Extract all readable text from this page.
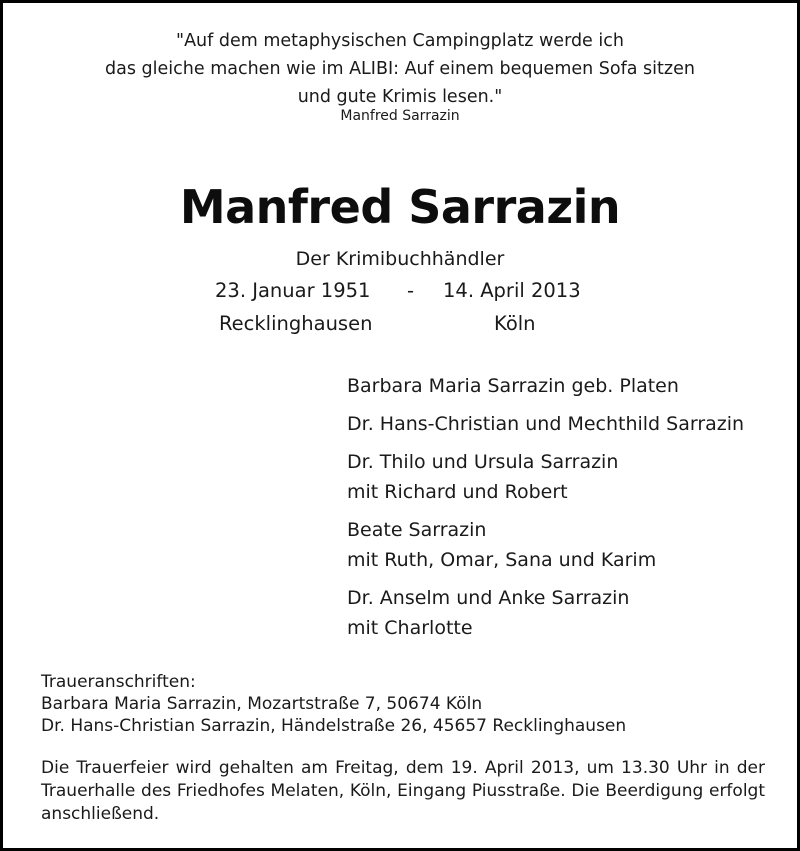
"Auf dem metaphysischen Campingplatz werde ich
das gleiche machen wie im ALIBI: Auf einem bequemen Sofa sitzen
und gute Krimis lesen."
Manfred Sarrazin
Manfred Sarrazin
Der Krimibuchhändler
23. Januar 1951 - 14. April 2013
Recklinghausen	Köln
Barbara Maria Sarrazin geb. Platen
Dr. Hans-Christian und Mechthild Sarrazin
Dr. Thilo und Ursula Sarrazin
mit Richard und Robert
Beate Sarrazin
mit Ruth, Omar, Sana und Karim
Dr. Anselm und Anke Sarrazin
mit Charlotte
Traueranschriften:
Barbara Maria Sarrazin, Mozartstraße 7, 50674 Köln
Dr. Hans-Christian Sarrazin, Händelstraße 26, 45657 Recklinghausen
Die Trauerfeier wird gehalten am Freitag, dem 19. April 2013, um 13.30 Uhr in der Trauerhalle des Friedhofes Melaten, Köln, Eingang Piusstraße. Die Beerdigung erfolgt anschließend.
